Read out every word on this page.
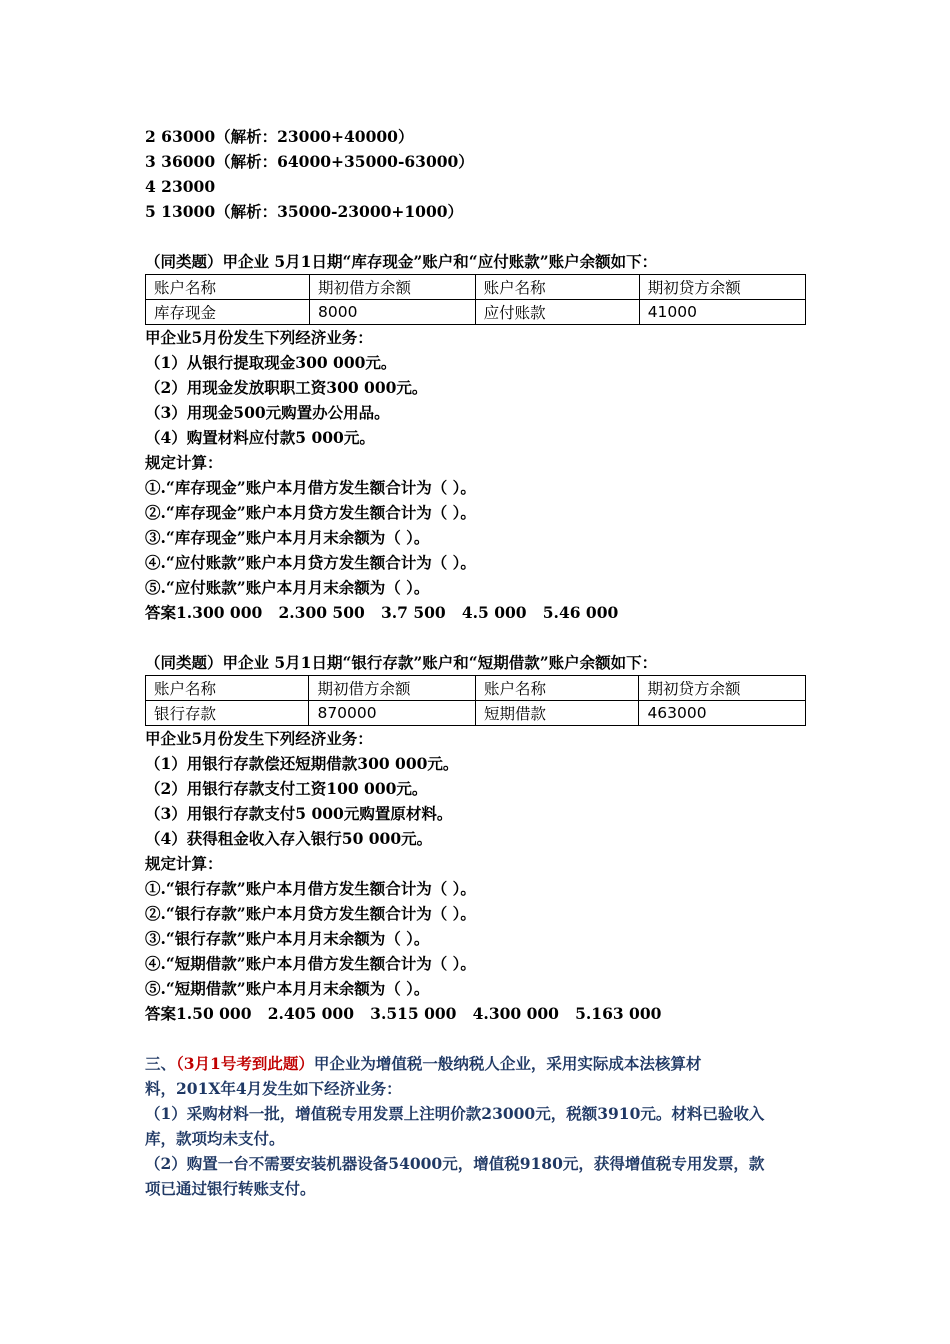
2 63000（解析：23000+40000）
3 36000（解析：64000+35000-63000）
4 23000
5 13000（解析：35000-23000+1000）
（同类题）甲企业 5月1日期“库存现金”账户和“应付账款”账户余额如下：
账户名称	期初借方余额	账户名称	期初贷方余额
库存现金	8000	应付账款	41000
甲企业5月份发生下列经济业务：
（1）从银行提取现金300 000元。
（2）用现金发放职职工资300 000元。
（3）用现金500元购置办公用品。
（4）购置材料应付款5 000元。
规定计算：
①.“库存现金”账户本月借方发生额合计为（ ）。
②.“库存现金”账户本月贷方发生额合计为（ ）。
③.“库存现金”账户本月月末余额为（ ）。
④.“应付账款”账户本月贷方发生额合计为（ ）。
⑤.“应付账款”账户本月月末余额为（ ）。
答案1.300 000   2.300 500   3.7 500   4.5 000   5.46 000
（同类题）甲企业 5月1日期“银行存款”账户和“短期借款”账户余额如下：
账户名称	期初借方余额	账户名称	期初贷方余额
银行存款	870000	短期借款	463000
甲企业5月份发生下列经济业务：
（1）用银行存款偿还短期借款300 000元。
（2）用银行存款支付工资100 000元。
（3）用银行存款支付5 000元购置原材料。
（4）获得租金收入存入银行50 000元。
规定计算：
①.“银行存款”账户本月借方发生额合计为（ ）。
②.“银行存款”账户本月贷方发生额合计为（ ）。
③.“银行存款”账户本月月末余额为（ ）。
④.“短期借款”账户本月借方发生额合计为（ ）。
⑤.“短期借款”账户本月月末余额为（ ）。
答案1.50 000   2.405 000   3.515 000   4.300 000   5.163 000
三、（3月1号考到此题）甲企业为增值税一般纳税人企业，采用实际成本法核算材
料，201X年4月发生如下经济业务：
（1）采购材料一批，增值税专用发票上注明价款23000元，税额3910元。材料已验收入
库，款项均未支付。
（2）购置一台不需要安装机器设备54000元，增值税9180元，获得增值税专用发票，款
项已通过银行转账支付。
